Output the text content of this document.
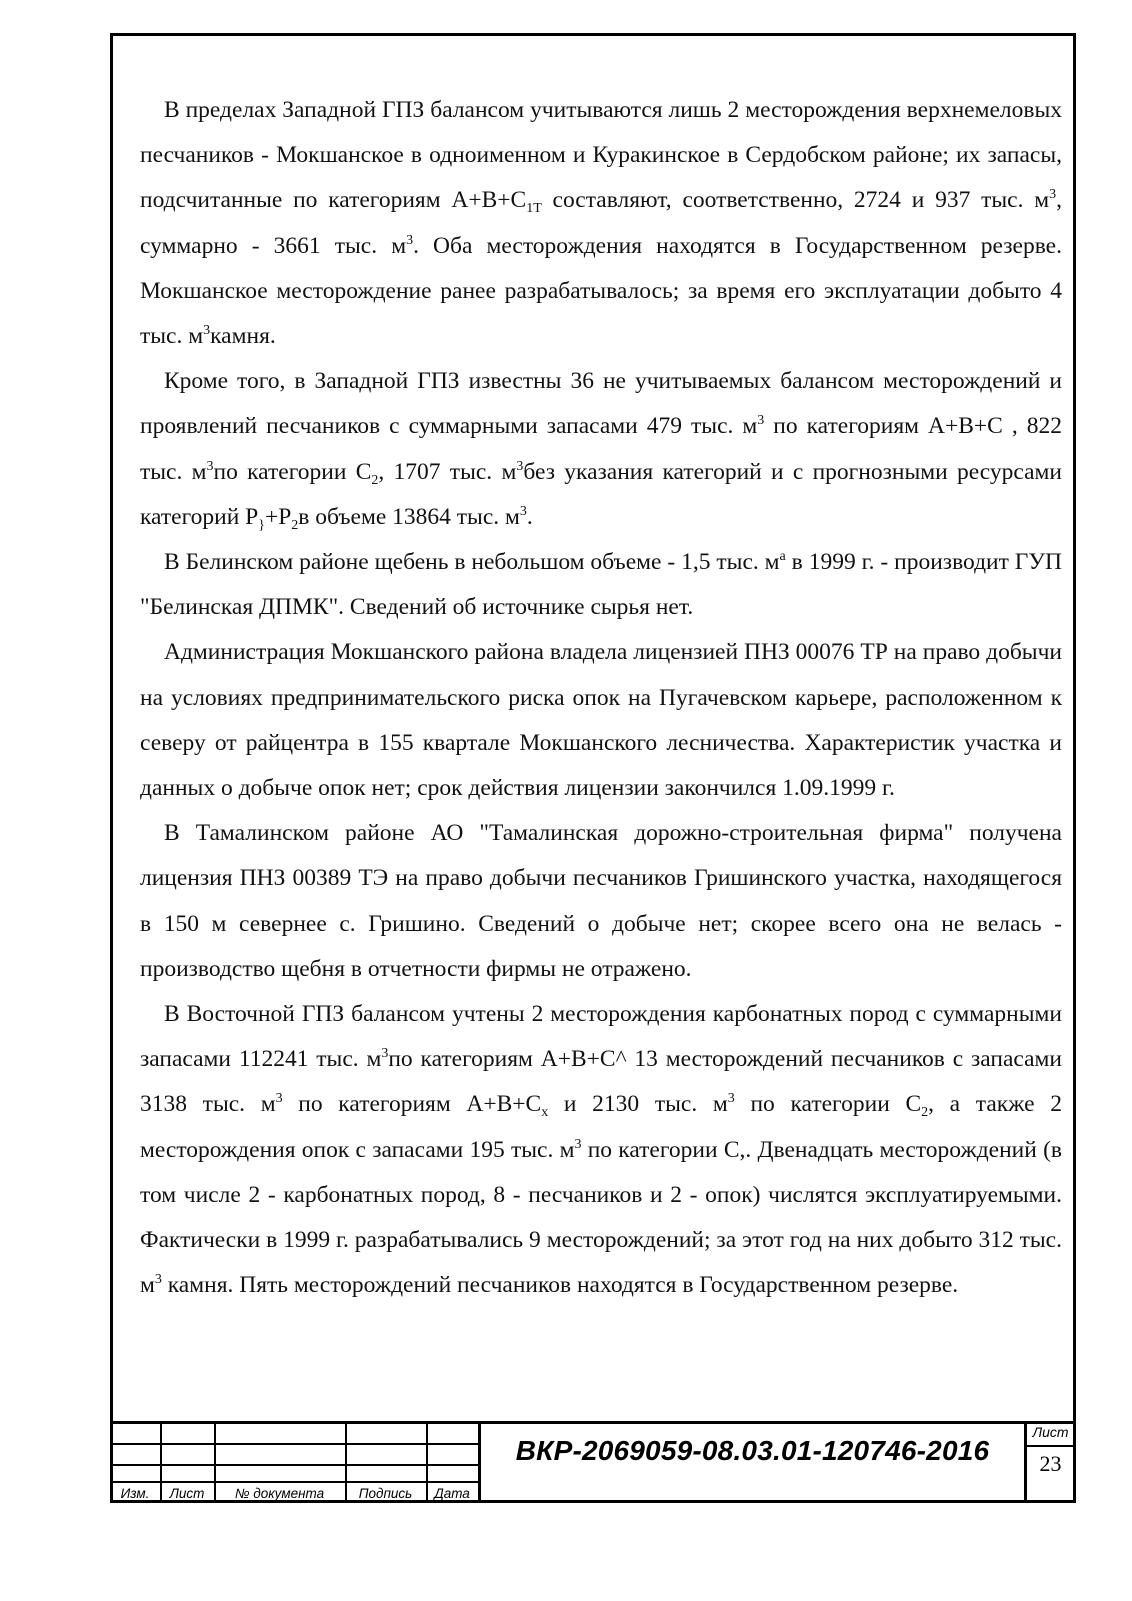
В пределах Западной ГПЗ балансом учитываются лишь 2 месторождения верхнемеловых песчаников - Мокшанское в одноименном и Куракинское в Сердобском районе; их запасы, подсчитанные по категориям $А+В+С_{1Т}$ составляют, соответственно, 2724 и 937 тыс. $м^3$, суммарно - 3661 тыс. $м^3$. Оба месторождения находятся в Государственном резерве. Мокшанское месторождение ранее разрабатывалось; за время его эксплуатации добыто 4 тыс. $м^3камня$.

Кроме того, в Западной ГПЗ известны 36 не учитываемых балансом месторождений и проявлений песчаников с суммарными запасами 479 тыс. $м^3$ по категориям А+В+С , 822 тыс. $м^3по$ категории $С_2$, 1707 тыс. $м^3без$ указания категорий и с прогнозными ресурсами категорий $Р_{\}}+Р_2в$ объеме 13864 тыс. $м^3$.

В Белинском районе щебень в небольшом объеме - 1,5 тыс. $м^а$ в 1999 г. - производит ГУП "Белинская ДПМК". Сведений об источнике сырья нет.

Администрация Мокшанского района владела лицензией ПНЗ 00076 ТР на право добычи на условиях предпринимательского риска опок на Пугачевском карьере, расположенном к северу от райцентра в 155 квартале Мокшанского лесничества. Характеристик участка и данных о добыче опок нет; срок действия лицензии закончился 1.09.1999 г.

В Тамалинском районе АО "Тамалинская дорожно-строительная фирма" получена лицензия ПНЗ 00389 ТЭ на право добычи песчаников Гришинского участка, находящегося в 150 м севернее с. Гришино. Сведений о добыче нет; скорее всего она не велась - производство щебня в отчетности фирмы не отражено.

В Восточной ГПЗ балансом учтены 2 месторождения карбонатных пород с суммарными запасами 112241 тыс. $м^3по$ категориям А+В+С^ 13 месторождений песчаников с запасами 3138 тыс. $м^3$ по категориям $А+В+С_х$ и 2130 тыс. $м^3$ по категории $С_2$, а также 2 месторождения опок с запасами 195 тыс. $м^3$ по категории С,. Двенадцать месторождений (в том числе 2 - карбонатных пород, 8 - песчаников и 2 - опок) числятся эксплуатируемыми. Фактически в 1999 г. разрабатывались 9 месторождений; за этот год на них добыто 312 тыс. $м^3$ камня. Пять месторождений песчаников находятся в Государственном резерве.

Изм.	Лист	№ документа	Подпись	Дата
ВКР-2069059-08.03.01-120746-2016
Лист
23
